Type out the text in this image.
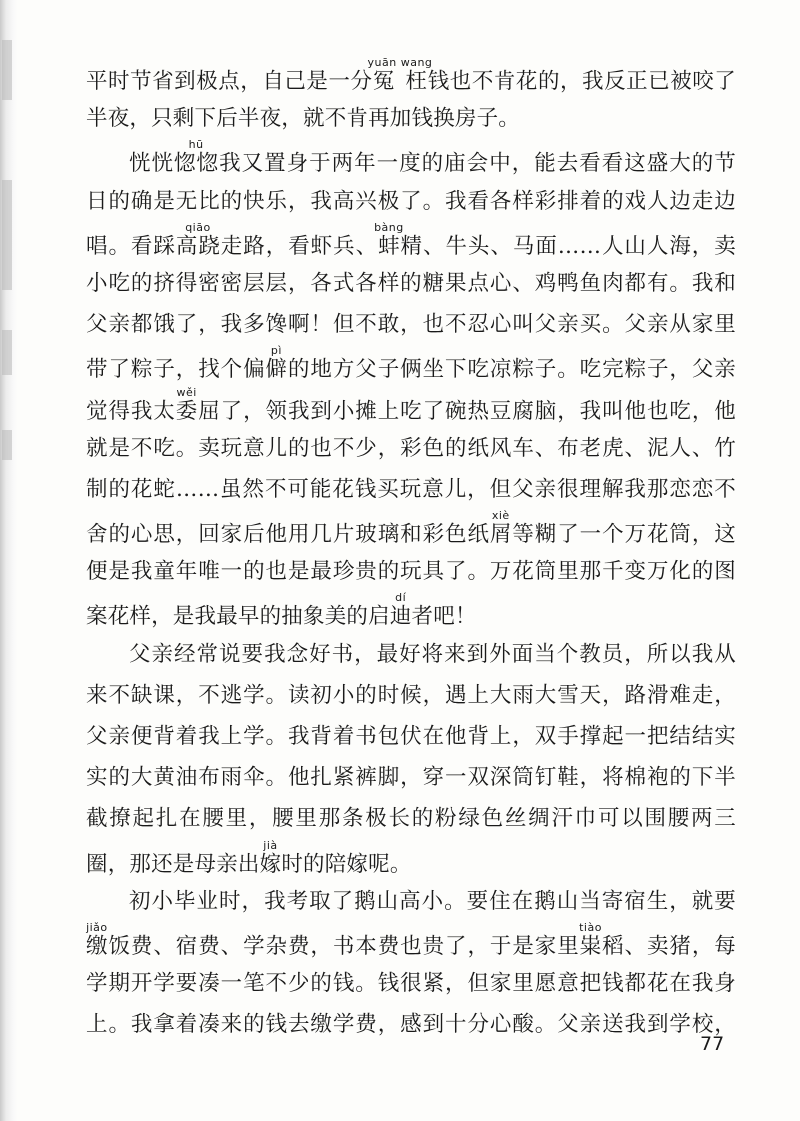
平时节省到极点，自己是一分冤枉yuān wang钱也不肯花的，我反正已被咬了
半夜，只剩下后半夜，就不肯再加钱换房子。
恍恍惚惚hū我又置身于两年一度的庙会中，能去看看这盛大的节
日的确是无比的快乐，我高兴极了。我看各样彩排着的戏人边走边
唱。看踩高跷qiāo走路，看虾兵、蚌bàng精、牛头、马面……人山人海，卖
小吃的挤得密密层层，各式各样的糖果点心、鸡鸭鱼肉都有。我和
父亲都饿了，我多馋啊！但不敢，也不忍心叫父亲买。父亲从家里
带了粽子，找个偏僻pì的地方父子俩坐下吃凉粽子。吃完粽子，父亲
觉得我太委wěi屈了，领我到小摊上吃了碗热豆腐脑，我叫他也吃，他
就是不吃。卖玩意儿的也不少，彩色的纸风车、布老虎、泥人、竹
制的花蛇……虽然不可能花钱买玩意儿，但父亲很理解我那恋恋不
舍的心思，回家后他用几片玻璃和彩色纸屑xiè等糊了一个万花筒，这
便是我童年唯一的也是最珍贵的玩具了。万花筒里那千变万化的图
案花样，是我最早的抽象美的启迪dí者吧！
父亲经常说要我念好书，最好将来到外面当个教员，所以我从
来不缺课，不逃学。读初小的时候，遇上大雨大雪天，路滑难走，
父亲便背着我上学。我背着书包伏在他背上，双手撑起一把结结实
实的大黄油布雨伞。他扎紧裤脚，穿一双深筒钉鞋，将棉袍的下半
截撩起扎在腰里，腰里那条极长的粉绿色丝绸汗巾可以围腰两三
圈，那还是母亲出嫁jià时的陪嫁呢。
初小毕业时，我考取了鹅山高小。要住在鹅山当寄宿生，就要
缴jiǎo饭费、宿费、学杂费，书本费也贵了，于是家里粜tiào稻、卖猪，每
学期开学要凑一笔不少的钱。钱很紧，但家里愿意把钱都花在我身
上。我拿着凑来的钱去缴学费，感到十分心酸。父亲送我到学校，
77
